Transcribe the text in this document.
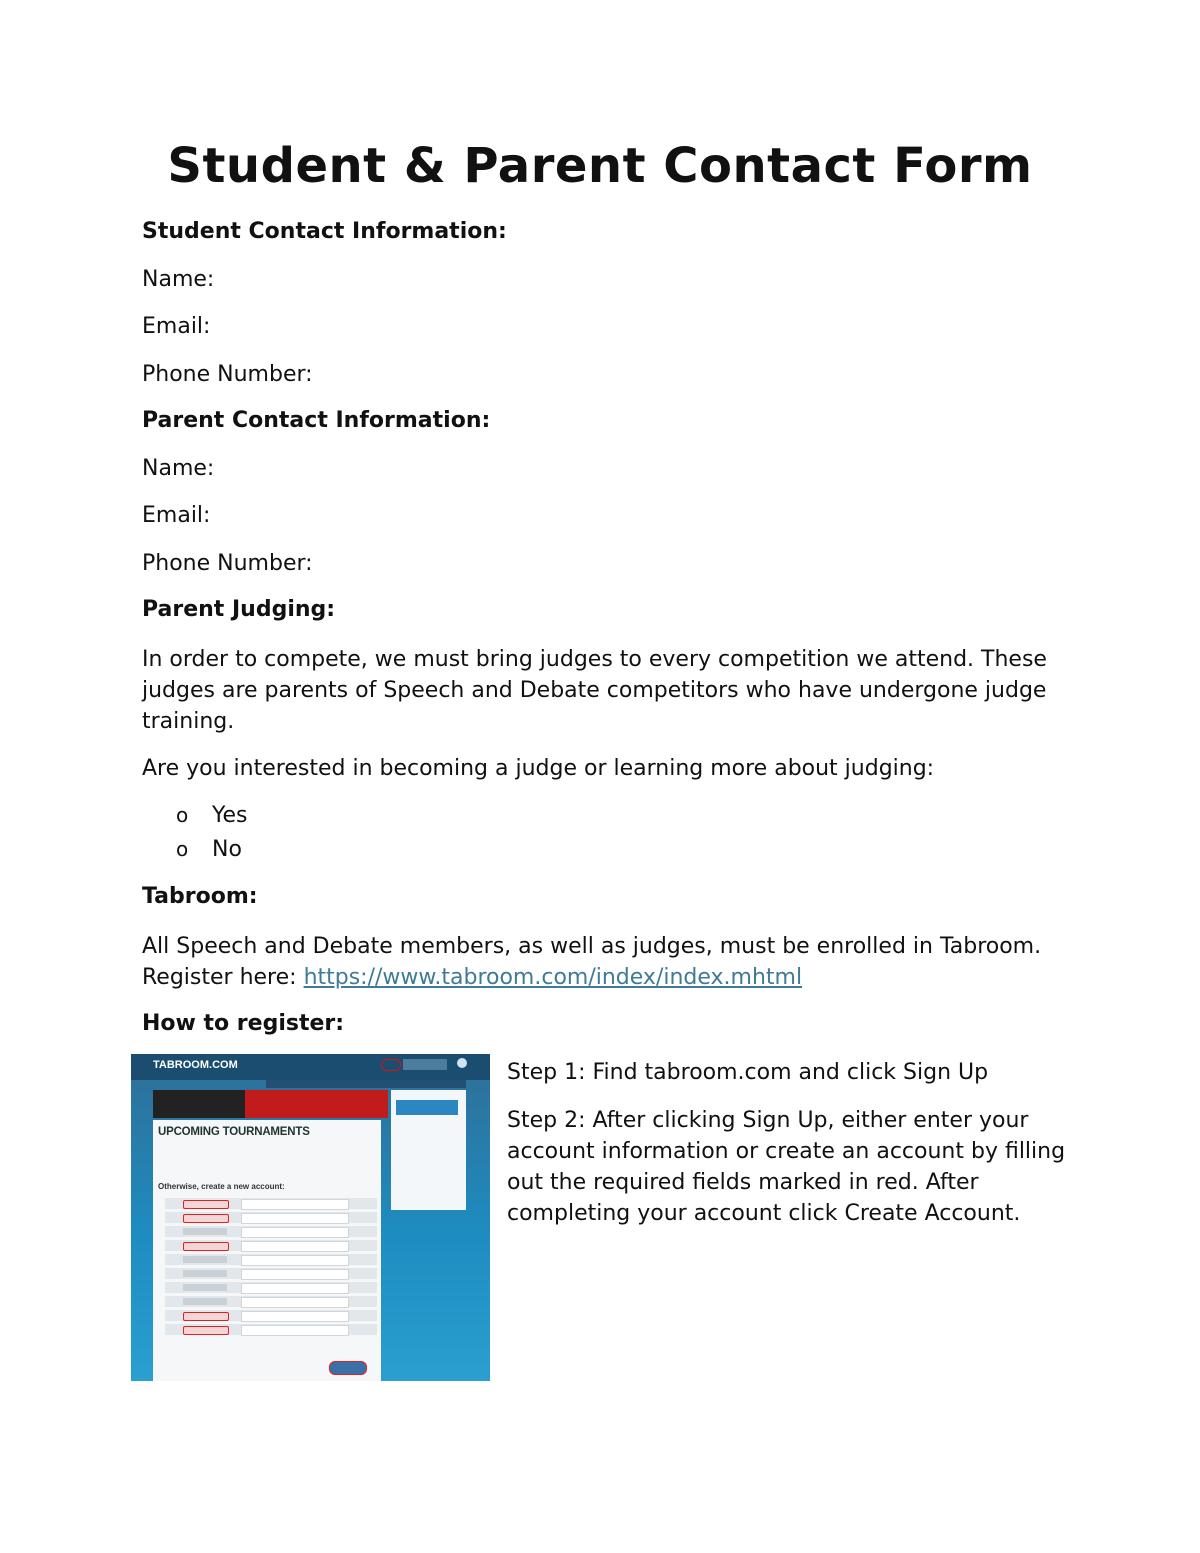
Student & Parent Contact Form

Student Contact Information:

Name:

Email:

Phone Number:

Parent Contact Information:

Name:

Email:

Phone Number:

Parent Judging:

In order to compete, we must bring judges to every competition we attend. These judges are parents of Speech and Debate competitors who have undergone judge training.

Are you interested in becoming a judge or learning more about judging:

o Yes
o No

Tabroom:

All Speech and Debate members, as well as judges, must be enrolled in Tabroom. Register here: https://www.tabroom.com/index/index.mhtml

How to register:

TABROOM.COM
UPCOMING TOURNAMENTS
Otherwise, create a new account:

Step 1: Find tabroom.com and click Sign Up

Step 2: After clicking Sign Up, either enter your account information or create an account by filling out the required fields marked in red. After completing your account click Create Account.
